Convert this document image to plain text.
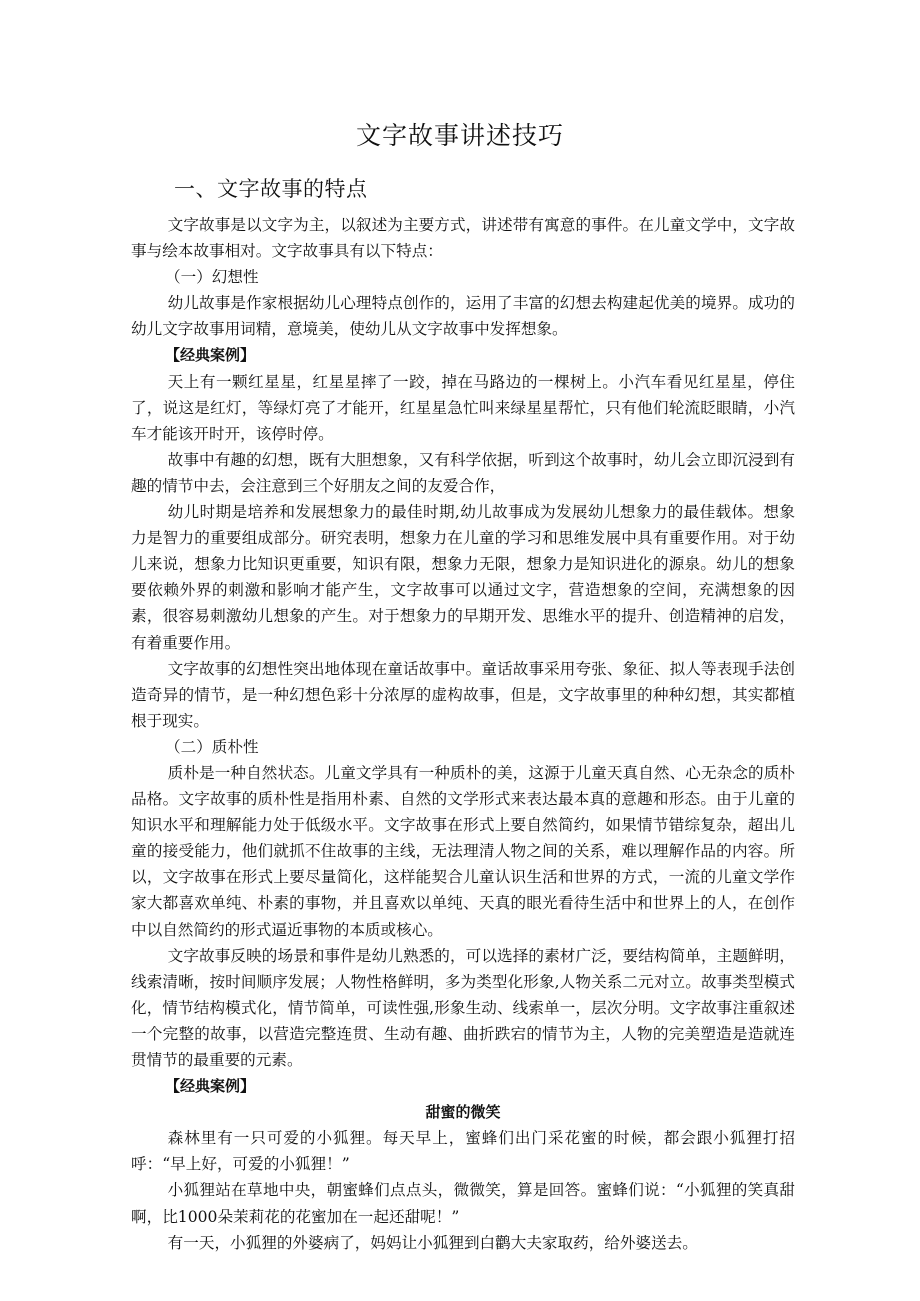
文字故事讲述技巧
一、文字故事的特点

文字故事是以文字为主，以叙述为主要方式，讲述带有寓意的事件。在儿童文学中，文字故事与绘本故事相对。文字故事具有以下特点：

（一）幻想性

幼儿故事是作家根据幼儿心理特点创作的，运用了丰富的幻想去构建起优美的境界。成功的幼儿文字故事用词精，意境美，使幼儿从文字故事中发挥想象。

【经典案例】

天上有一颗红星星，红星星摔了一跤，掉在马路边的一棵树上。小汽车看见红星星，停住了，说这是红灯，等绿灯亮了才能开，红星星急忙叫来绿星星帮忙，只有他们轮流眨眼睛，小汽车才能该开时开，该停时停。

故事中有趣的幻想，既有大胆想象，又有科学依据，听到这个故事时，幼儿会立即沉浸到有趣的情节中去，会注意到三个好朋友之间的友爱合作，

幼儿时期是培养和发展想象力的最佳时期,幼儿故事成为发展幼儿想象力的最佳载体。想象力是智力的重要组成部分。研究表明，想象力在儿童的学习和思维发展中具有重要作用。对于幼儿来说，想象力比知识更重要，知识有限，想象力无限，想象力是知识进化的源泉。幼儿的想象要依赖外界的刺激和影响才能产生，文字故事可以通过文字，营造想象的空间，充满想象的因素，很容易刺激幼儿想象的产生。对于想象力的早期开发、思维水平的提升、创造精神的启发，有着重要作用。

文字故事的幻想性突出地体现在童话故事中。童话故事采用夸张、象征、拟人等表现手法创造奇异的情节，是一种幻想色彩十分浓厚的虚构故事，但是，文字故事里的种种幻想，其实都植根于现实。

（二）质朴性

质朴是一种自然状态。儿童文学具有一种质朴的美，这源于儿童天真自然、心无杂念的质朴品格。文字故事的质朴性是指用朴素、自然的文学形式来表达最本真的意趣和形态。由于儿童的知识水平和理解能力处于低级水平。文字故事在形式上要自然简约，如果情节错综复杂，超出儿童的接受能力，他们就抓不住故事的主线，无法理清人物之间的关系，难以理解作品的内容。所以，文字故事在形式上要尽量简化，这样能契合儿童认识生活和世界的方式，一流的儿童文学作家大都喜欢单纯、朴素的事物，并且喜欢以单纯、天真的眼光看待生活中和世界上的人，在创作中以自然简约的形式逼近事物的本质或核心。

文字故事反映的场景和事件是幼儿熟悉的，可以选择的素材广泛，要结构简单，主题鲜明，线索清晰，按时间顺序发展；人物性格鲜明，多为类型化形象,人物关系二元对立。故事类型模式化，情节结构模式化，情节简单，可读性强,形象生动、线索单一，层次分明。文字故事注重叙述一个完整的故事，以营造完整连贯、生动有趣、曲折跌宕的情节为主，人物的完美塑造是造就连贯情节的最重要的元素。

【经典案例】

甜蜜的微笑

森林里有一只可爱的小狐狸。每天早上，蜜蜂们出门采花蜜的时候，都会跟小狐狸打招呼：“早上好，可爱的小狐狸！”

小狐狸站在草地中央，朝蜜蜂们点点头，微微笑，算是回答。蜜蜂们说：“小狐狸的笑真甜啊，比1000朵茉莉花的花蜜加在一起还甜呢！”

有一天，小狐狸的外婆病了，妈妈让小狐狸到白鹳大夫家取药，给外婆送去。
